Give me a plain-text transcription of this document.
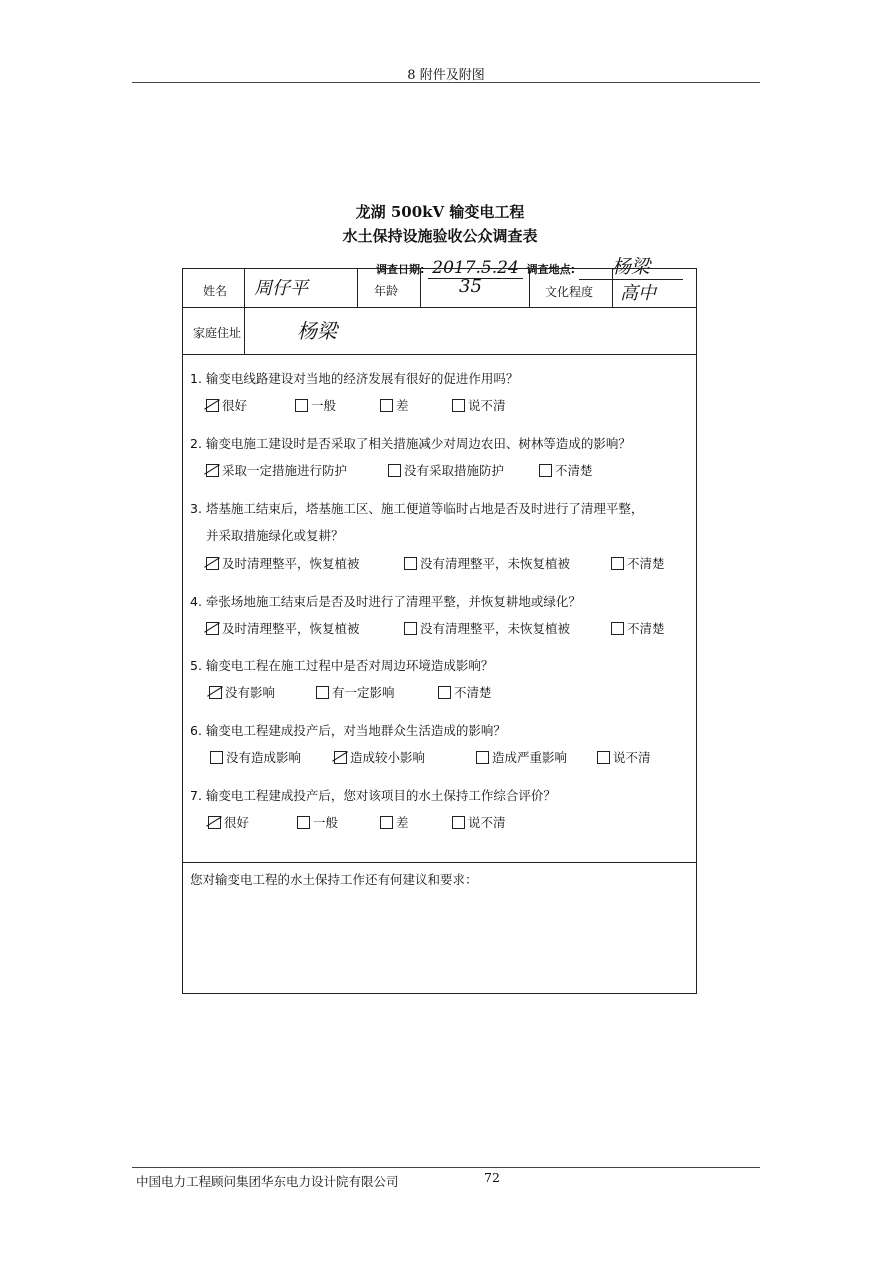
8 附件及附图
龙湖 500kV 输变电工程
水土保持设施验收公众调查表
调查日期: 2017.5.24 调查地点: 杨梁
姓名 周仔平	年龄	35	文化程度 高中
家庭住址	杨梁
1. 输变电线路建设对当地的经济发展有很好的促进作用吗？
很好	一般	差	说不清
2. 输变电施工建设时是否采取了相关措施减少对周边农田、树林等造成的影响？
采取一定措施进行防护	没有采取措施防护	不清楚
3. 塔基施工结束后，塔基施工区、施工便道等临时占地是否及时进行了清理平整，
并采取措施绿化或复耕？
及时清理整平，恢复植被	没有清理整平，未恢复植被	不清楚
4. 牵张场地施工结束后是否及时进行了清理平整，并恢复耕地或绿化？
及时清理整平，恢复植被	没有清理整平，未恢复植被	不清楚
5. 输变电工程在施工过程中是否对周边环境造成影响？
没有影响	有一定影响	不清楚
6. 输变电工程建成投产后，对当地群众生活造成的影响？
没有造成影响	造成较小影响	造成严重影响	说不清
7. 输变电工程建成投产后，您对该项目的水土保持工作综合评价？
很好	一般	差	说不清
您对输变电工程的水土保持工作还有何建议和要求：
中国电力工程顾问集团华东电力设计院有限公司	72
